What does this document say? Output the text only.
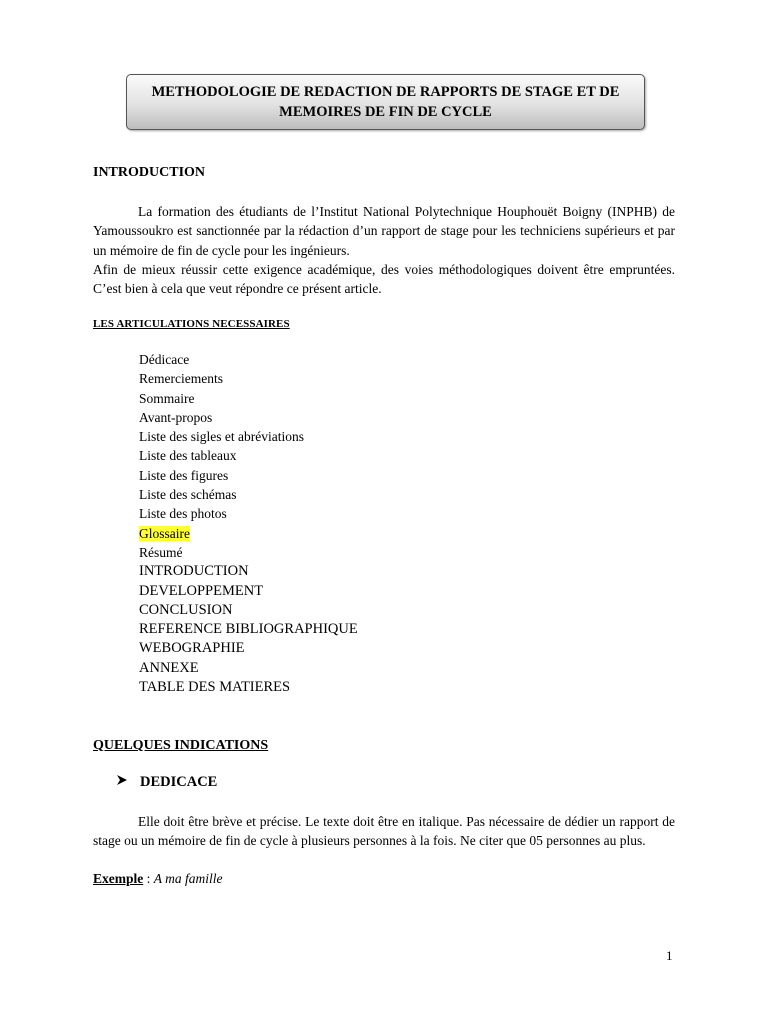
METHODOLOGIE DE REDACTION DE RAPPORTS DE STAGE ET DE
MEMOIRES DE FIN DE CYCLE
INTRODUCTION

La formation des étudiants de l’Institut National Polytechnique Houphouët Boigny (INPHB) de Yamoussoukro est sanctionnée par la rédaction d’un rapport de stage pour les techniciens supérieurs et par un mémoire de fin de cycle pour les ingénieurs.

Afin de mieux réussir cette exigence académique, des voies méthodologiques doivent être empruntées. C’est bien à cela que veut répondre ce présent article.

LES ARTICULATIONS NECESSAIRES
Dédicace
Remerciements
Sommaire
Avant-propos
Liste des sigles et abréviations
Liste des tableaux
Liste des figures
Liste des schémas
Liste des photos
Glossaire
Résumé
INTRODUCTION
DEVELOPPEMENT
CONCLUSION
REFERENCE BIBLIOGRAPHIQUE
WEBOGRAPHIE
ANNEXE
TABLE DES MATIERES
QUELQUES INDICATIONS
DEDICACE

Elle doit être brève et précise. Le texte doit être en italique. Pas nécessaire de dédier un rapport de stage ou un mémoire de fin de cycle à plusieurs personnes à la fois. Ne citer que 05 personnes au plus.

Exemple : A ma famille
1
